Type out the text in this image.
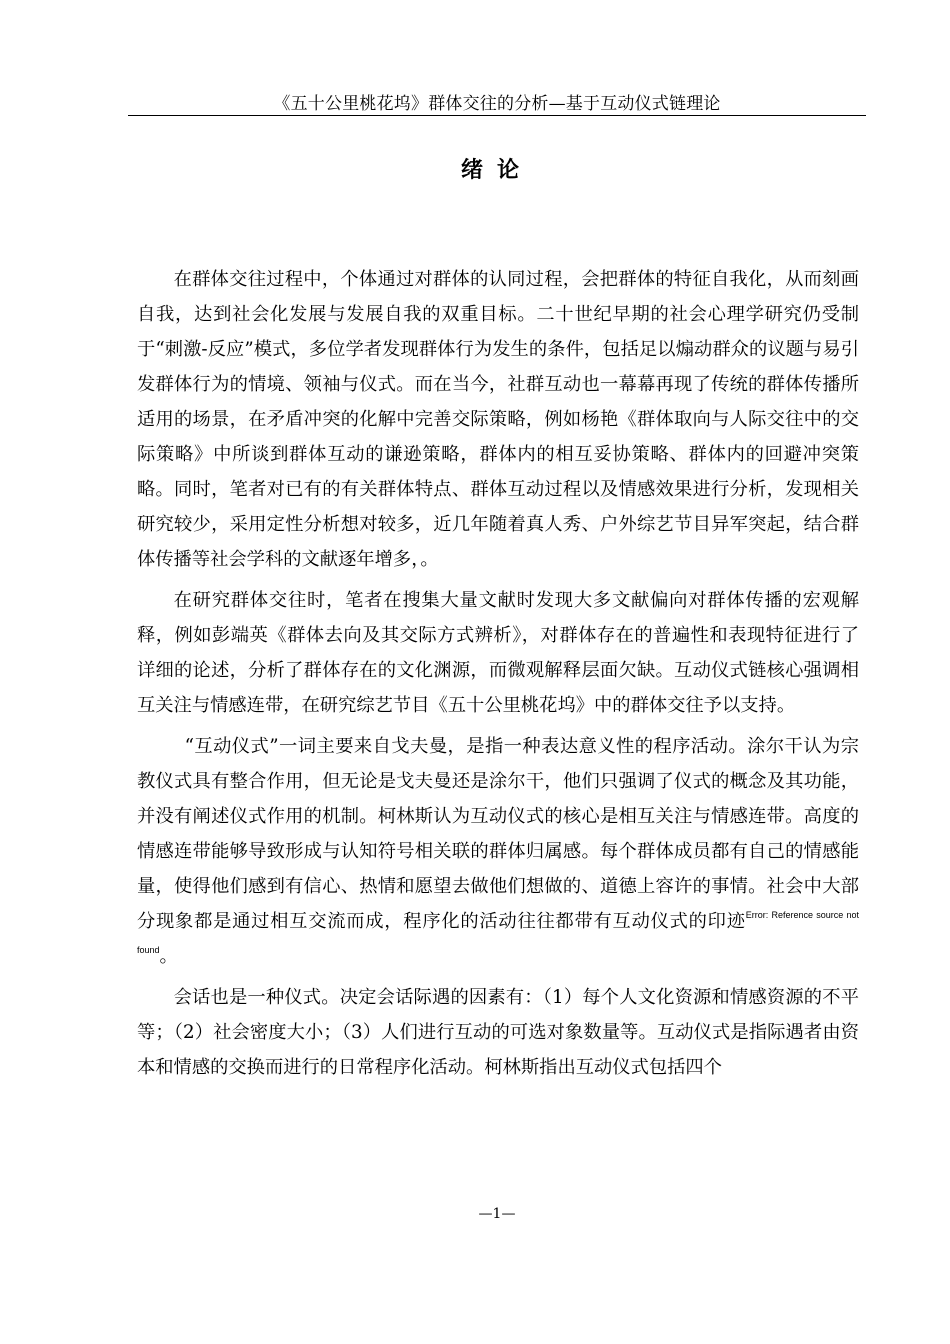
《五十公里桃花坞》群体交往的分析—基于互动仪式链理论
绪论

在群体交往过程中，个体通过对群体的认同过程，会把群体的特征自我化，从而刻画自我，达到社会化发展与发展自我的双重目标。二十世纪早期的社会心理学研究仍受制于“刺激-反应”模式，多位学者发现群体行为发生的条件，包括足以煽动群众的议题与易引发群体行为的情境、领袖与仪式。而在当今，社群互动也一幕幕再现了传统的群体传播所适用的场景，在矛盾冲突的化解中完善交际策略，例如杨艳《群体取向与人际交往中的交际策略》中所谈到群体互动的谦逊策略，群体内的相互妥协策略、群体内的回避冲突策略。同时，笔者对已有的有关群体特点、群体互动过程以及情感效果进行分析，发现相关研究较少，采用定性分析想对较多，近几年随着真人秀、户外综艺节目异军突起，结合群体传播等社会学科的文献逐年增多，。

在研究群体交往时，笔者在搜集大量文献时发现大多文献偏向对群体传播的宏观解释，例如彭端英《群体去向及其交际方式辨析》，对群体存在的普遍性和表现特征进行了详细的论述，分析了群体存在的文化渊源，而微观解释层面欠缺。互动仪式链核心强调相互关注与情感连带，在研究综艺节目《五十公里桃花坞》中的群体交往予以支持。

“互动仪式”一词主要来自戈夫曼，是指一种表达意义性的程序活动。涂尔干认为宗教仪式具有整合作用，但无论是戈夫曼还是涂尔干，他们只强调了仪式的概念及其功能，并没有阐述仪式作用的机制。柯林斯认为互动仪式的核心是相互关注与情感连带。高度的情感连带能够导致形成与认知符号相关联的群体归属感。每个群体成员都有自己的情感能量，使得他们感到有信心、热情和愿望去做他们想做的、道德上容许的事情。社会中大部分现象都是通过相互交流而成，程序化的活动往往都带有互动仪式的印迹$^{Error: Reference source not found}$。

会话也是一种仪式。决定会话际遇的因素有：（1）每个人文化资源和情感资源的不平等；（2）社会密度大小；（3）人们进行互动的可选对象数量等。互动仪式是指际遇者由资本和情感的交换而进行的日常程序化活动。柯林斯指出互动仪式包括四个

—1—
